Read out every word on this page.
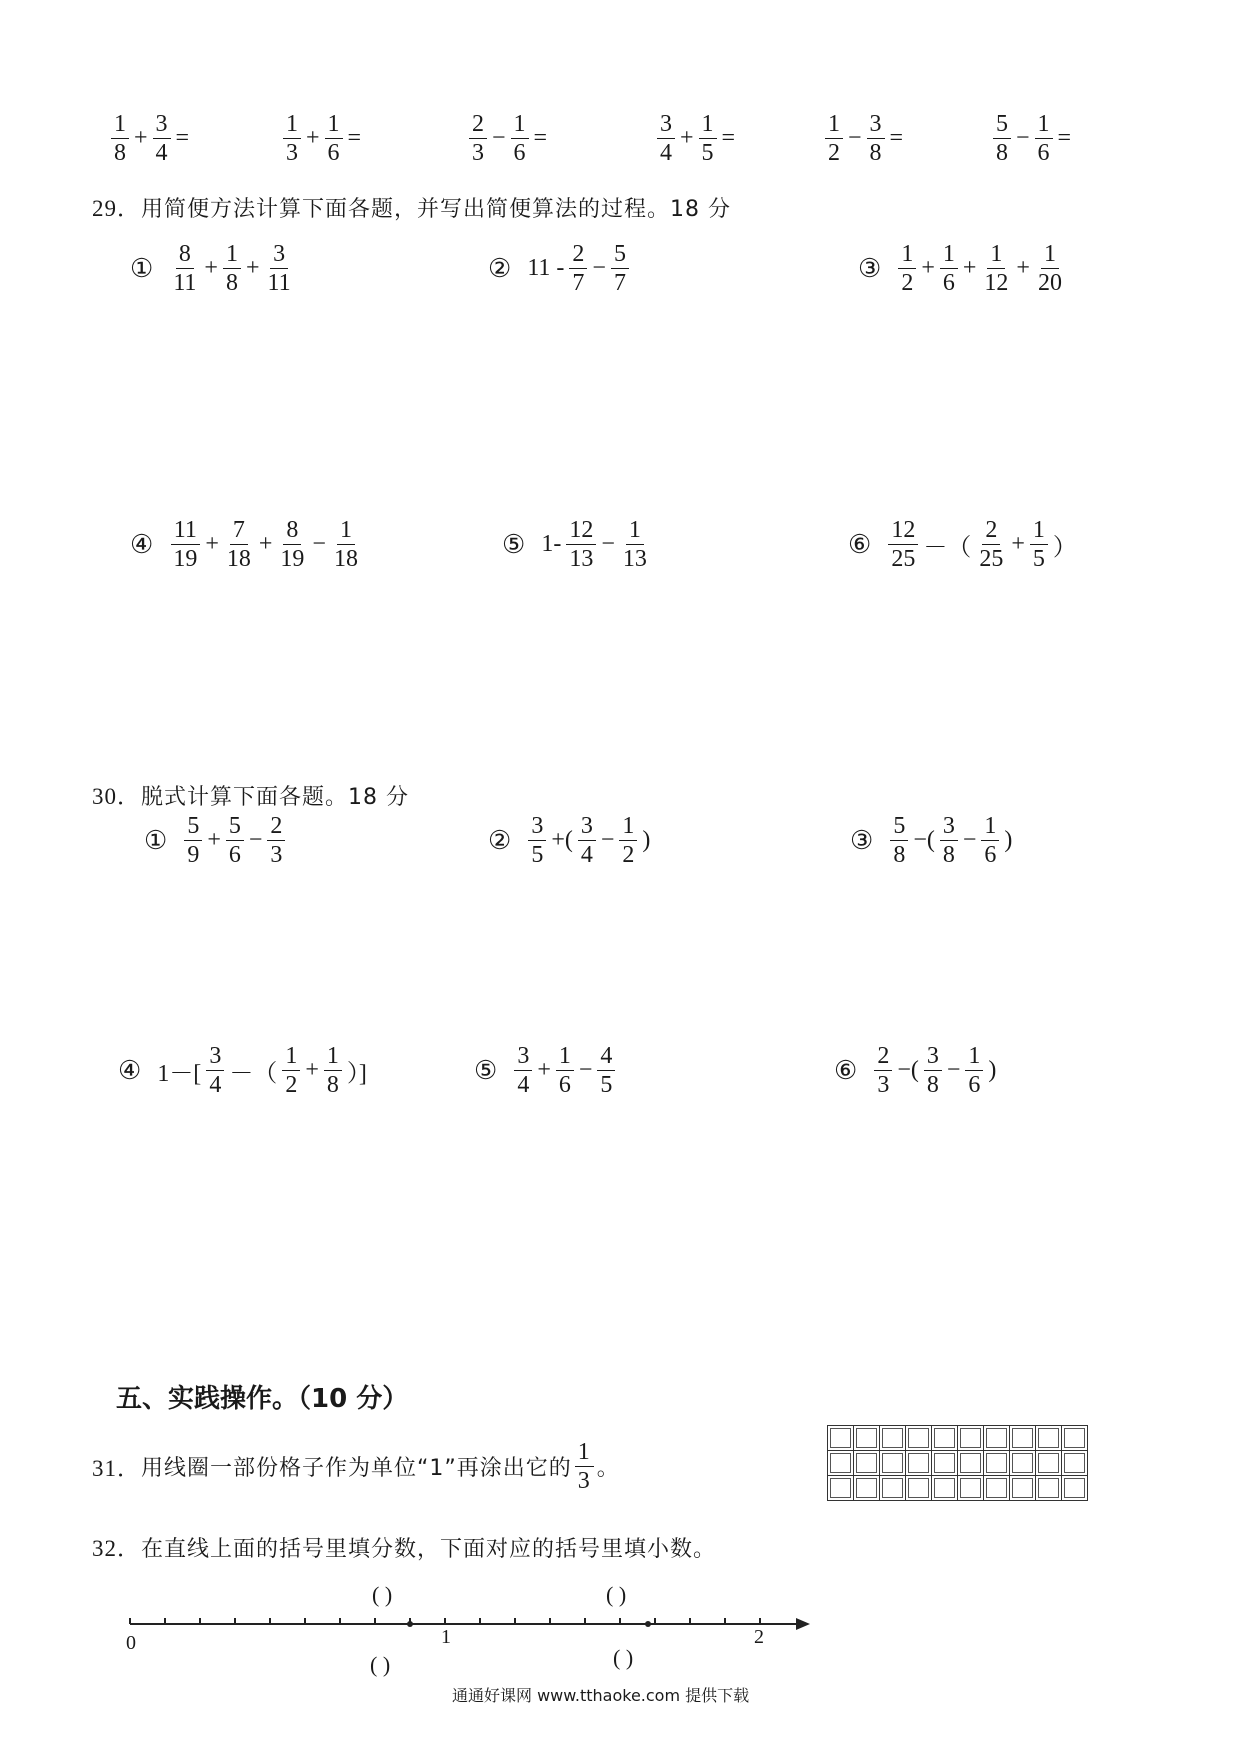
$\frac{1}{8} + \frac{3}{4}$ =	$\frac{1}{3} + \frac{1}{6}$ =	$\frac{2}{3} - \frac{1}{6}$ =	$\frac{3}{4} + \frac{1}{5}$ =	$\frac{1}{2} - \frac{3}{8}$ =	$\frac{5}{8} - \frac{1}{6}$ =
29．用简便方法计算下面各题，并写出简便算法的过程。18 分
① $\frac{8}{11} + \frac{1}{8} + \frac{3}{11}$	② $11 - \frac{2}{7} - \frac{5}{7}$	③ $\frac{1}{2} + \frac{1}{6} + \frac{1}{12} + \frac{1}{20}$
④ $\frac{11}{19} + \frac{7}{18} + \frac{8}{19} - \frac{1}{18}$	⑤ $1- \frac{12}{13} - \frac{1}{13}$	⑥ $\frac{12}{25}$ －（ $\frac{2}{25} + \frac{1}{5}$ ）
30．脱式计算下面各题。18 分
① $\frac{5}{9} + \frac{5}{6} - \frac{2}{3}$	② $\frac{3}{5}$ +( $\frac{3}{4} - \frac{1}{2}$ )	③ $\frac{5}{8}$ −( $\frac{3}{8} - \frac{1}{6}$ )
④ $1-[ \frac{3}{4}$ －（ $\frac{1}{2} + \frac{1}{8}$ ）]	⑤ $\frac{3}{4} + \frac{1}{6} - \frac{4}{5}$	⑥ $\frac{2}{3}$ −( $\frac{3}{8} - \frac{1}{6}$ )
五、实践操作。（10 分）
31． 用线圈一部份格子作为单位“1”再涂出它的 $\frac{1}{3}$ 。

32．在直线上面的括号里填分数，下面对应的括号里填小数。
0	1	2
( )	( )
( )	( )
通通好课网 www.tthaoke.com 提供下载
